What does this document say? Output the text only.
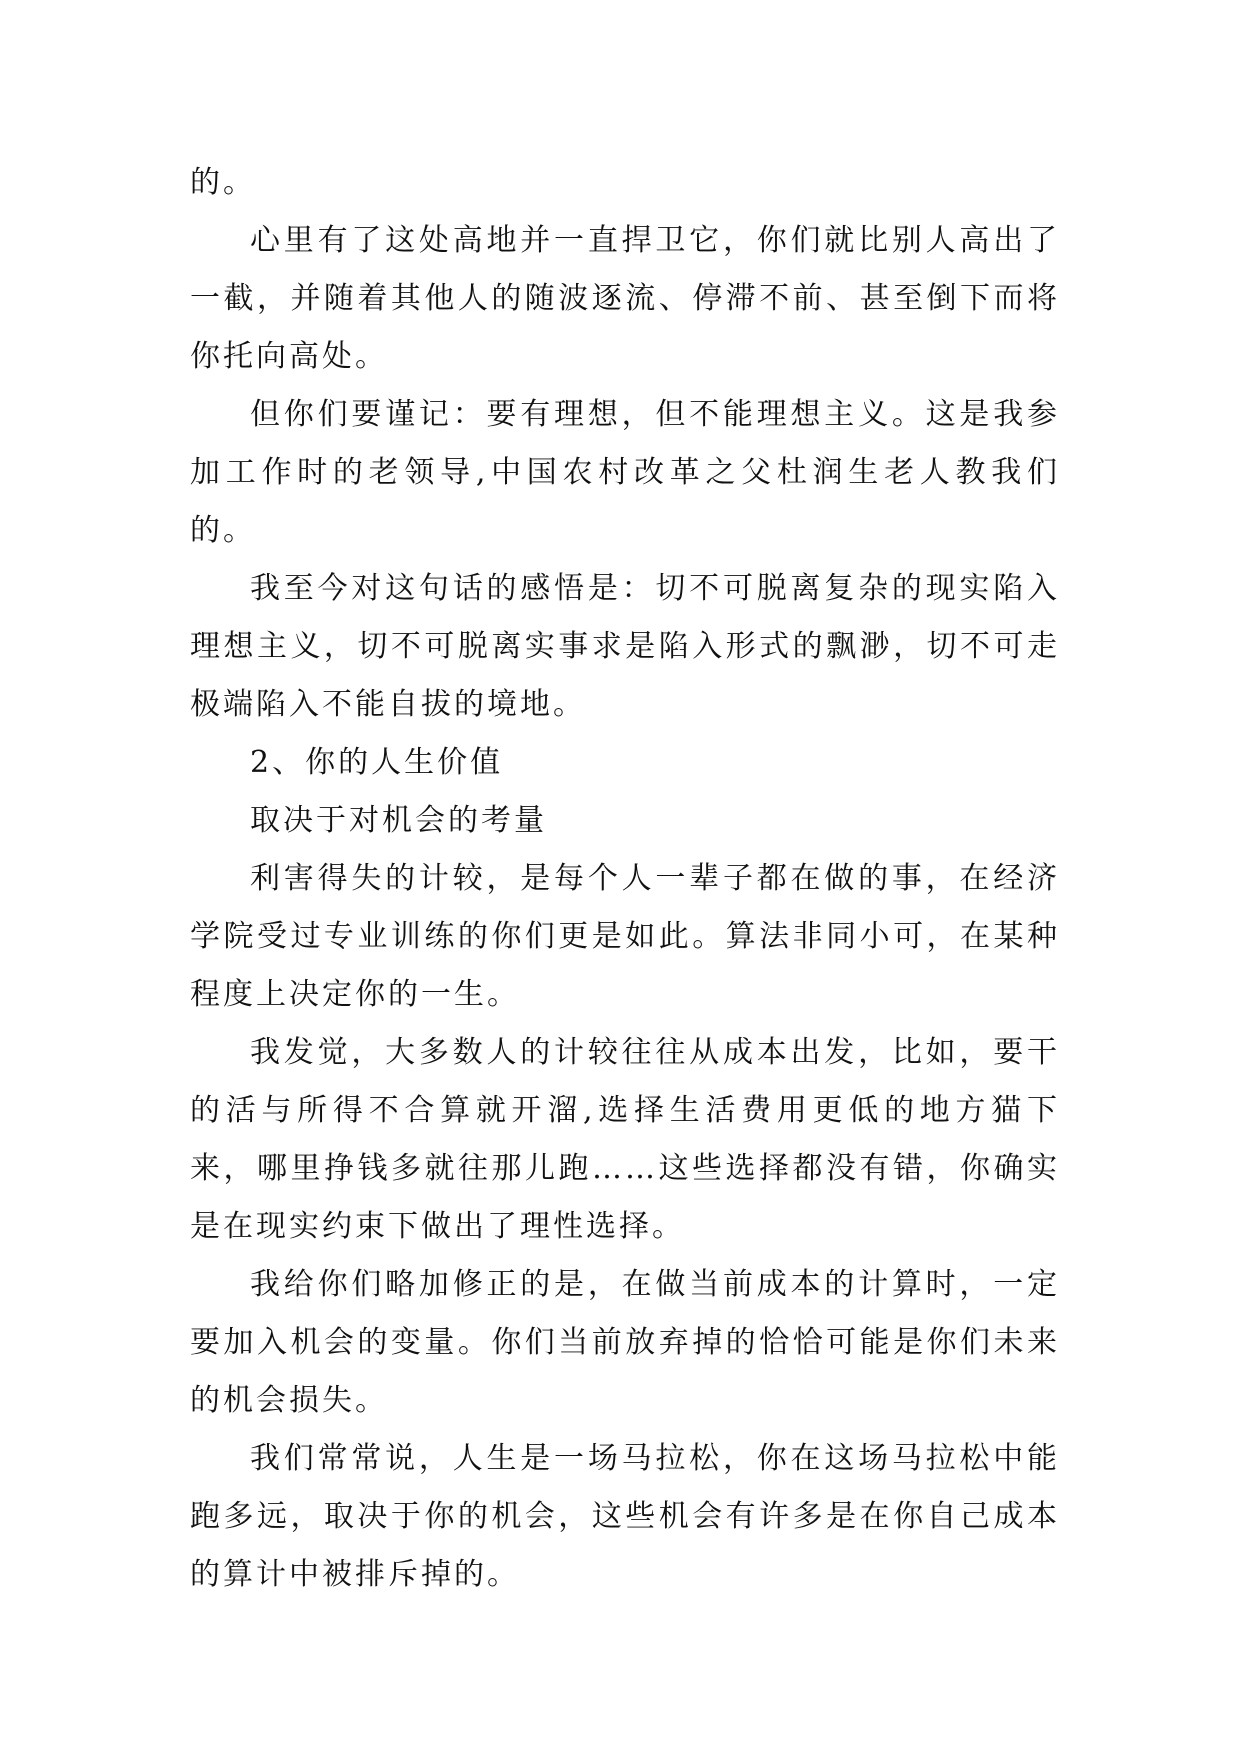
的。

心里有了这处高地并一直捍卫它，你们就比别人高出了一截，并随着其他人的随波逐流、停滞不前、甚至倒下而将你托向高处。

但你们要谨记：要有理想，但不能理想主义。这是我参加工作时的老领导,中国农村改革之父杜润生老人教我们的。

我至今对这句话的感悟是：切不可脱离复杂的现实陷入理想主义，切不可脱离实事求是陷入形式的飘渺，切不可走极端陷入不能自拔的境地。

2、你的人生价值

取决于对机会的考量

利害得失的计较，是每个人一辈子都在做的事，在经济学院受过专业训练的你们更是如此。算法非同小可，在某种程度上决定你的一生。

我发觉，大多数人的计较往往从成本出发，比如，要干的活与所得不合算就开溜,选择生活费用更低的地方猫下来，哪里挣钱多就往那儿跑……这些选择都没有错，你确实是在现实约束下做出了理性选择。

我给你们略加修正的是，在做当前成本的计算时，一定要加入机会的变量。你们当前放弃掉的恰恰可能是你们未来的机会损失。

我们常常说，人生是一场马拉松，你在这场马拉松中能跑多远，取决于你的机会，这些机会有许多是在你自己成本的算计中被排斥掉的。
